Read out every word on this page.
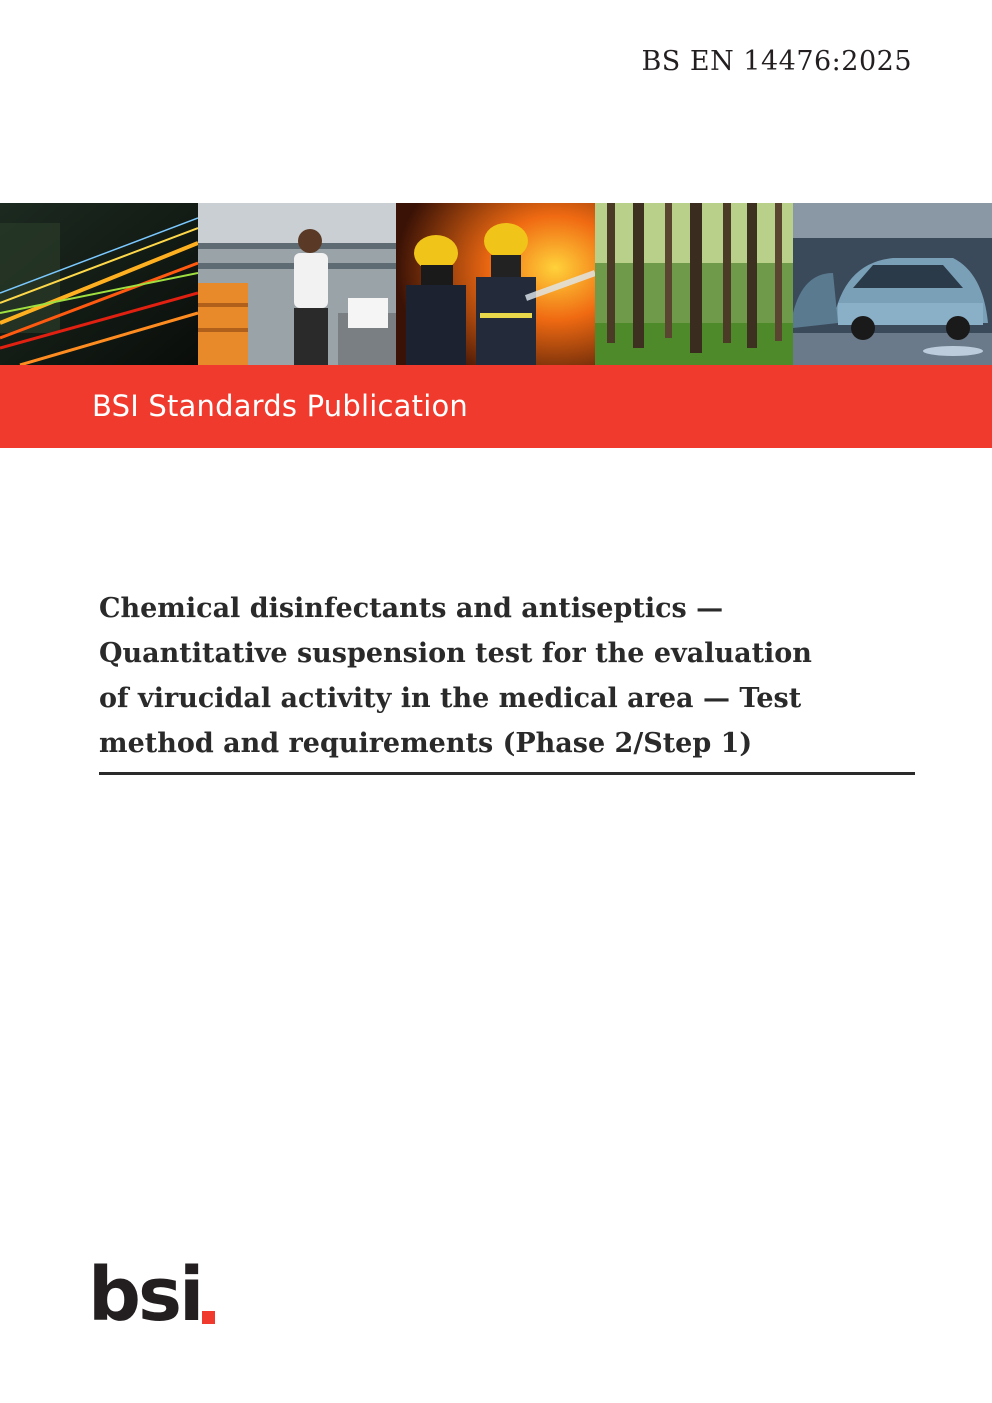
BS EN 14476:2025
BSI Standards Publication
Chemical disinfectants and antiseptics —
Quantitative suspension test for the evaluation
of virucidal activity in the medical area — Test
method and requirements (Phase 2/Step 1)
bsi
